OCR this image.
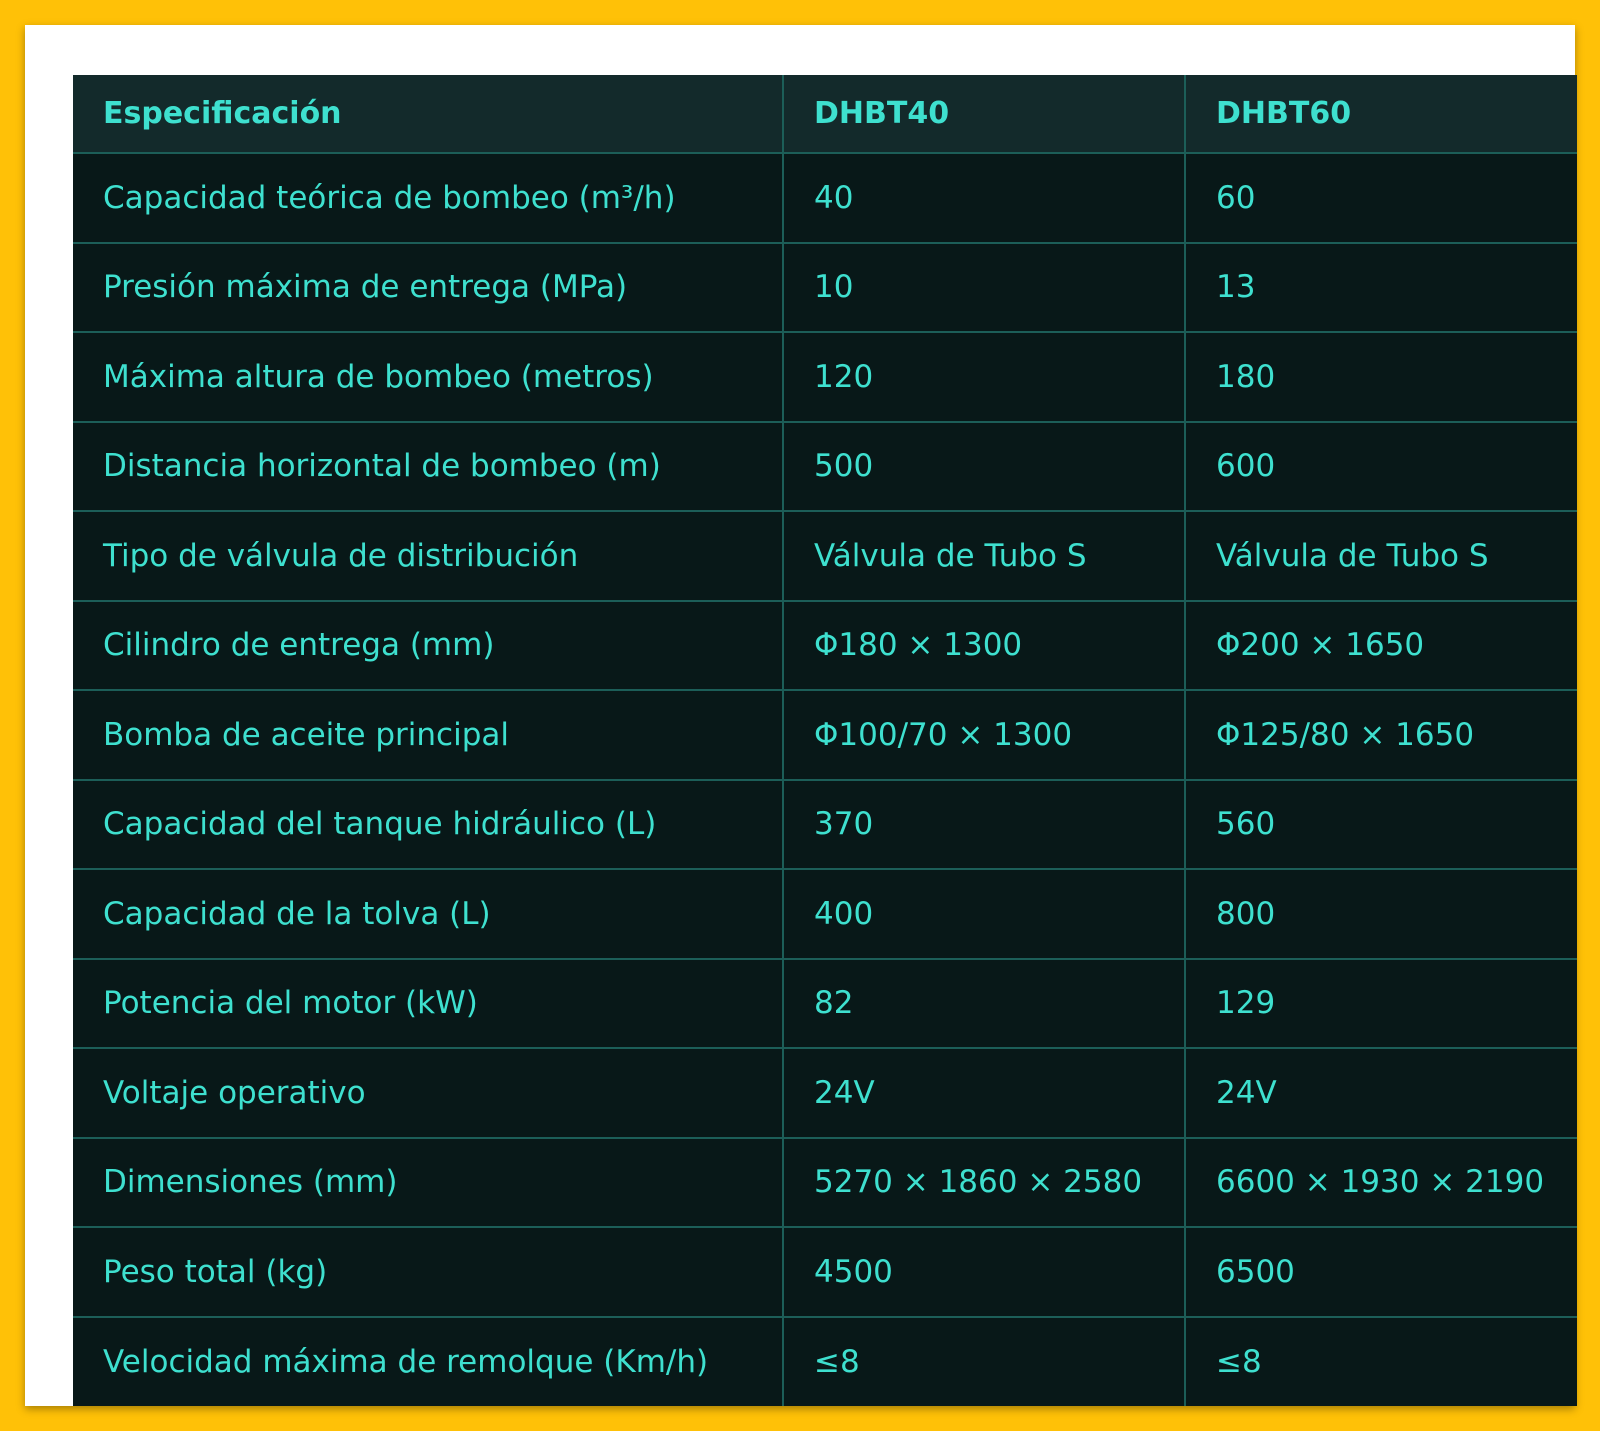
Especificación	DHBT40	DHBT60
Capacidad teórica de bombeo (m³/h)	40	60
Presión máxima de entrega (MPa)	10	13
Máxima altura de bombeo (metros)	120	180
Distancia horizontal de bombeo (m)	500	600
Tipo de válvula de distribución	Válvula de Tubo S	Válvula de Tubo S
Cilindro de entrega (mm)	Φ180 × 1300	Φ200 × 1650
Bomba de aceite principal	Φ100/70 × 1300	Φ125/80 × 1650
Capacidad del tanque hidráulico (L)	370	560
Capacidad de la tolva (L)	400	800
Potencia del motor (kW)	82	129
Voltaje operativo	24V	24V
Dimensiones (mm)	5270 × 1860 × 2580	6600 × 1930 × 2190
Peso total (kg)	4500	6500
Velocidad máxima de remolque (Km/h)	≤8	≤8
